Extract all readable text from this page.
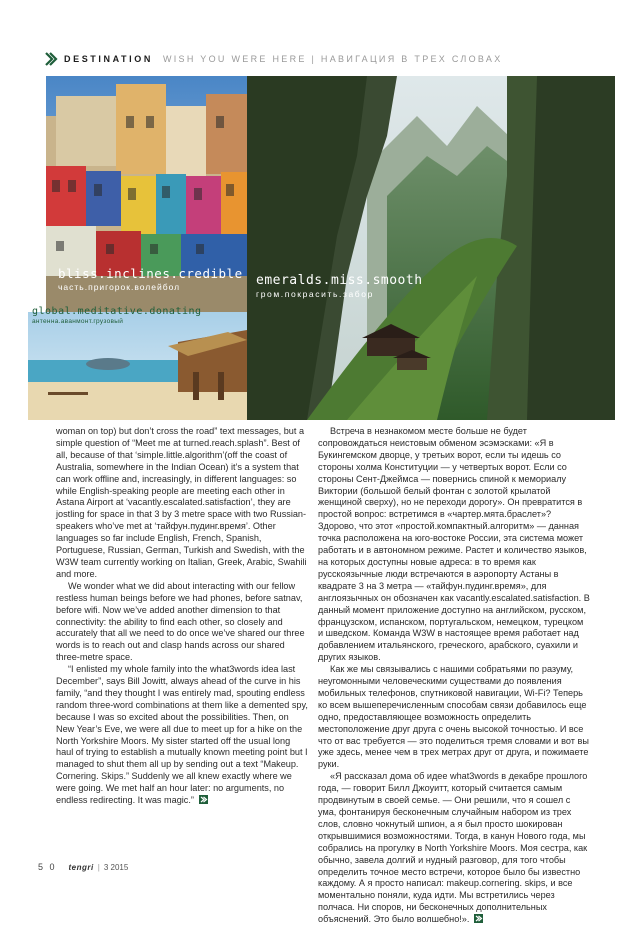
DESTINATION WISH YOU WERE HERE | НАВИГАЦИЯ В ТРЕХ СЛОВАХ
bliss.inclines.credible
часть.пригорок.волейбол
global.meditative.donating
антенна.аванмонт.грузовый
emeralds.miss.smooth
гром.покрасить.забор

woman on top) but don’t cross the road” text messages, but a simple question of “Meet me at turned.reach.splash”. Best of all, because of that ‘simple.little.algorithm’(off the coast of Australia, somewhere in the Indian Ocean) it’s a system that can work offline and, increasingly, in different languages: so while English-speaking people are meeting each other in Astana Airport at ‘vacantly.escalated.satisfaction’, they are jostling for space in that 3 by 3 metre space with two Russian-speakers who’ve met at ‘тайфун.пудинг.время’. Other languages so far include English, French, Spanish, Portuguese, Russian, German, Turkish and Swedish, with the W3W team currently working on Italian, Greek, Arabic, Swahili and more.

We wonder what we did about interacting with our fellow restless human beings before we had phones, before satnav, before wifi. Now we’ve added another dimension to that connectivity: the ability to find each other, so closely and accurately that all we need to do once we’ve shared our three words is to reach out and clasp hands across our shared three-metre space.

“I enlisted my whole family into the what3words idea last December”, says Bill Jowitt, always ahead of the curve in his family, “and they thought I was entirely mad, spouting endless random three-word combinations at them like a demented spy, because I was so excited about the possibilities. Then, on New Year’s Eve, we were all due to meet up for a hike on the North Yorkshire Moors. My sister started off the usual long haul of trying to establish a mutually known meeting point but I managed to shut them all up by sending out a text “Makeup. Cornering. Skips.” Suddenly we all knew exactly where we were going. We met half an hour later: no arguments, no endless redirecting. It was magic.”

Встреча в незнакомом месте больше не будет сопровождаться неистовым обменом эсэмэсками: «Я в Букингемском дворце, у третьих ворот, если ты идешь со стороны холма Конституции — у четвертых ворот. Если со стороны Сент-Джеймса — повернись спиной к мемориалу Виктории (большой белый фонтан с золотой крылатой женщиной сверху), но не переходи дорогу». Он превратится в простой вопрос: встретимся в «чартер.мята.браслет»? Здорово, что этот «простой.компактный.алгоритм» — данная точка расположена на юго-востоке России, эта система может работать и в автономном режиме. Растет и количество языков, на которых доступны новые адреса: в то время как русскоязычные люди встречаются в аэропорту Астаны в квадрате 3 на 3 метра — «тайфун.пудинг.время», для англоязычных он обозначен как vacantly.escalated.satisfaction. В данный момент приложение доступно на английском, русском, французском, испанском, португальском, немецком, турецком и шведском. Команда W3W в настоящее время работает над добавлением итальянского, греческого, арабского, суахили и других языков.

Как же мы связывались с нашими собратьями по разуму, неугомонными человеческими существами до появления мобильных телефонов, спутниковой навигации, Wi-Fi? Теперь ко всем вышеперечисленным способам связи добавилось еще одно, предоставляющее возможность определить местоположение друг друга с очень высокой точностью. И все что от вас требуется — это поделиться тремя словами и вот вы уже здесь, менее чем в трех метрах друг от друга, и пожимаете руки.

«Я рассказал дома об идее what3words в декабре прошлого года, — говорит Билл Джоуитт, который считается самым продвинутым в своей семье. — Они решили, что я сошел с ума, фонтанируя бесконечным случайным набором из трех слов, словно чокнутый шпион, а я был просто шокирован открывшимися возможностями. Тогда, в канун Нового года, мы собрались на прогулку в North Yorkshire Moors. Моя сестра, как обычно, завела долгий и нудный разговор, для того чтобы определить точное место встречи, которое было бы известно каждому. А я просто написал: makeup.cornering. skips, и все моментально поняли, куда идти. Мы встретились через полчаса. Ни споров, ни бесконечных дополнительных объяснений. Это было волшебно!».

5 0 tengri | 3 2015
